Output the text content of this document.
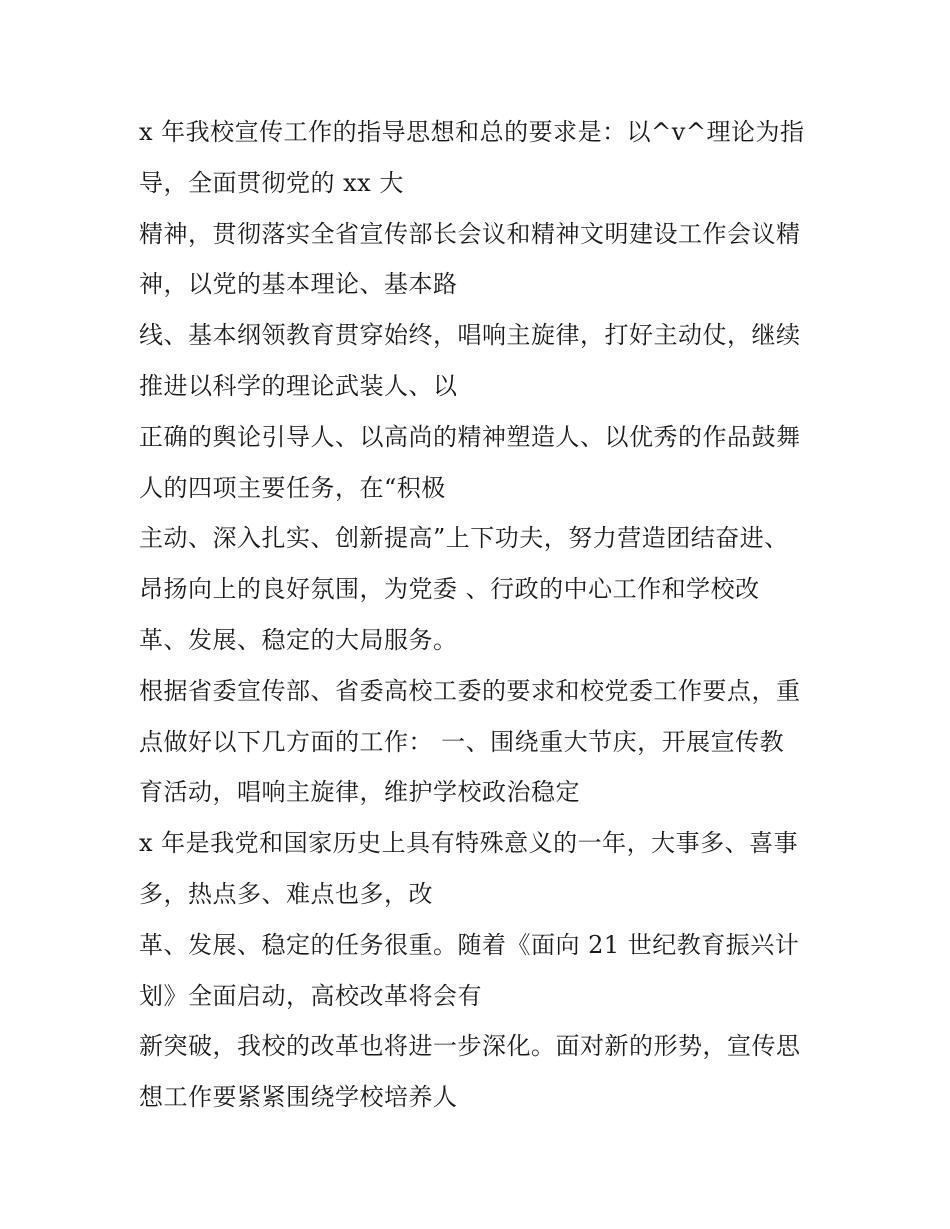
x 年我校宣传工作的指导思想和总的要求是：以^v^理论为指
导，全面贯彻党的 xx 大
精神，贯彻落实全省宣传部长会议和精神文明建设工作会议精
神，以党的基本理论、基本路
线、基本纲领教育贯穿始终，唱响主旋律，打好主动仗，继续
推进以科学的理论武装人、以
正确的舆论引导人、以高尚的精神塑造人、以优秀的作品鼓舞
人的四项主要任务，在“积极
主动、深入扎实、创新提高”上下功夫，努力营造团结奋进、
昂扬向上的良好氛围，为党委 、行政的中心工作和学校改
革、发展、稳定的大局服务。
根据省委宣传部、省委高校工委的要求和校党委工作要点，重
点做好以下几方面的工作： 一、围绕重大节庆，开展宣传教
育活动，唱响主旋律，维护学校政治稳定
x 年是我党和国家历史上具有特殊意义的一年，大事多、喜事
多，热点多、难点也多，改
革、发展、稳定的任务很重。随着《面向 21 世纪教育振兴计
划》全面启动，高校改革将会有
新突破，我校的改革也将进一步深化。面对新的形势，宣传思
想工作要紧紧围绕学校培养人
